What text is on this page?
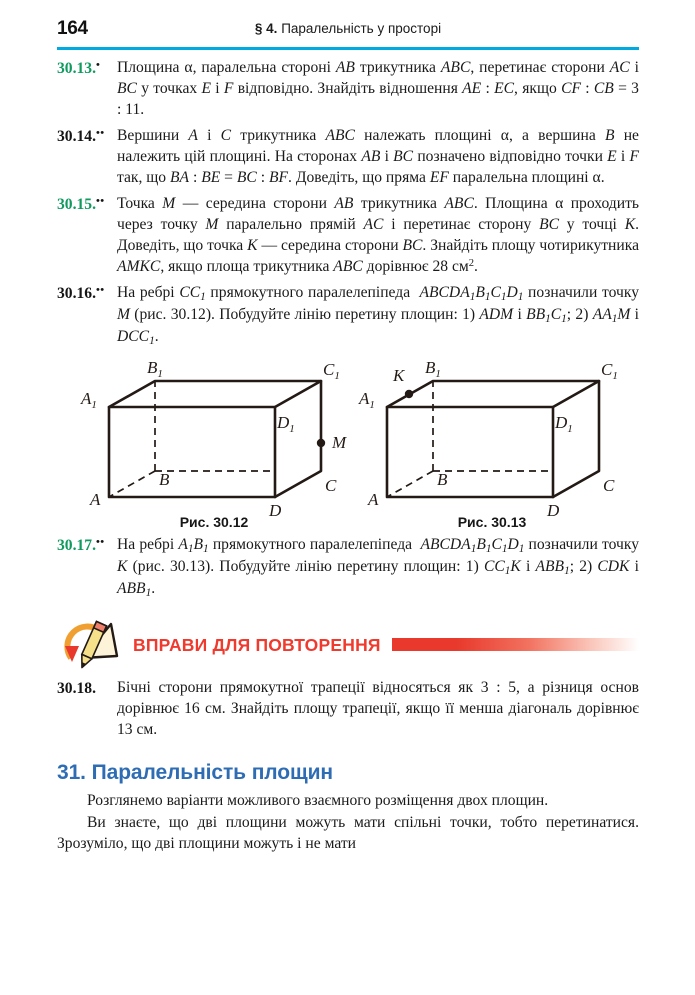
164	§ 4. Паралельність у просторі
30.13.• Площина α, паралельна стороні AB трикутника ABC, перетинає сторони AC і BC у точках E і F відповідно. Знайдіть відношення AE : EC, якщо CF : CB = 3 : 11.
30.14.•• Вершини A і C трикутника ABC належать площині α, а вершина B не належить цій площині. На сторонах AB і BC позначено відповідно точки E і F так, що BA : BE = BC : BF. Доведіть, що пряма EF паралельна площині α.
30.15.•• Точка M — середина сторони AB трикутника ABC. Площина α проходить через точку M паралельно прямій AC і перетинає сторону BC у точці K. Доведіть, що точка K — середина сторони BC. Знайдіть площу чотирикутника AMKC, якщо площа трикутника ABC дорівнює 28 $см^2$.
30.16.•• На ребрі $CC_1$ прямокутного паралелепіпеда  $ABCDA_1B_1C_1D_1$ позначили точку M (рис. 30.12). Побудуйте лінію перетину площин: 1) ADM і $BB_1C_1$; 2) $AA_1M$ і $DCC_1$.
A
B	C
D
$A_1$
$B_1$	$C_1$
$D_1$
M
Рис. 30.12
A
B	C
D
$A_1$
$B_1$	$C_1$
$D_1$
K
Рис. 30.13
30.17.•• На ребрі $A_1B_1$ прямокутного паралелепіпеда  $ABCDA_1B_1C_1D_1$ позначили точку K (рис. 30.13). Побудуйте лінію перетину площин: 1) $CC_1K$ і $ABB_1$; 2) CDK і $ABB_1$.
ВПРАВИ ДЛЯ ПОВТОРЕННЯ
30.18. Бічні сторони прямокутної трапеції відносяться як 3 : 5, а різниця основ дорівнює 16 см. Знайдіть площу трапеції, якщо її менша діагональ дорівнює 13 см.
31. Паралельність площин
Розглянемо варіанти можливого взаємного розміщення двох площин.
Ви знаєте, що дві площини можуть мати спільні точки, тобто перетинатися. Зрозуміло, що дві площини можуть і не мати
